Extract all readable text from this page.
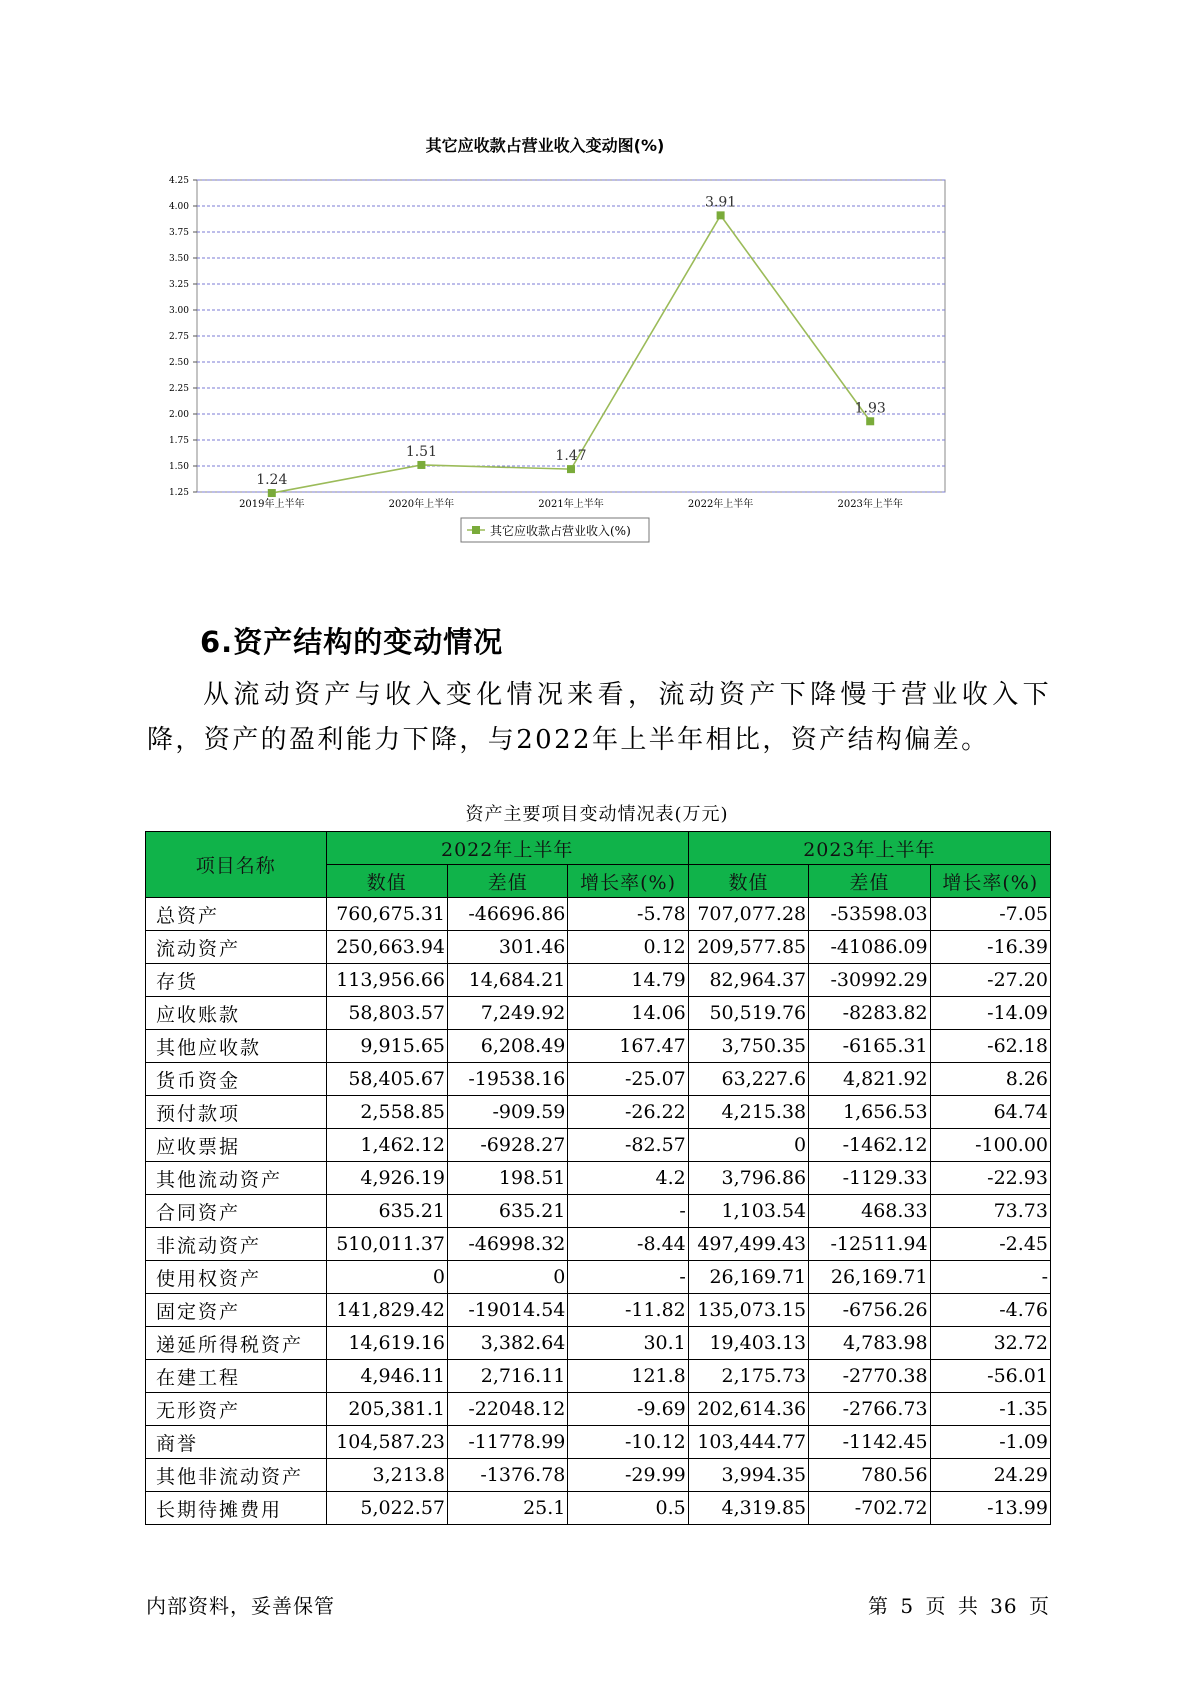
其它应收款占营业收入变动图(%)
1.25
1.50
1.75
2.00
2.25
2.50
2.75
3.00
3.25
3.50
3.75
4.00
4.25
2019年上半年	2020年上半年	2021年上半年	2022年上半年	2023年上半年
1.24
1.51	1.47
3.91
1.93
其它应收款占营业收入(%)
6.资产结构的变动情况

从流动资产与收入变化情况来看，流动资产下降慢于营业收入下降，资产的盈利能力下降，与2022年上半年相比，资产结构偏差。

资产主要项目变动情况表(万元)
项目名称	2022年上半年			2023年上半年		
	数值	差值	增长率(%)	数值	差值	增长率(%)
总资产	760,675.31	-46696.86	-5.78	707,077.28	-53598.03	-7.05
流动资产	250,663.94	301.46	0.12	209,577.85	-41086.09	-16.39
存货	113,956.66	14,684.21	14.79	82,964.37	-30992.29	-27.20
应收账款	58,803.57	7,249.92	14.06	50,519.76	-8283.82	-14.09
其他应收款	9,915.65	6,208.49	167.47	3,750.35	-6165.31	-62.18
货币资金	58,405.67	-19538.16	-25.07	63,227.6	4,821.92	8.26
预付款项	2,558.85	-909.59	-26.22	4,215.38	1,656.53	64.74
应收票据	1,462.12	-6928.27	-82.57	0	-1462.12	-100.00
其他流动资产	4,926.19	198.51	4.2	3,796.86	-1129.33	-22.93
合同资产	635.21	635.21	-	1,103.54	468.33	73.73
非流动资产	510,011.37	-46998.32	-8.44	497,499.43	-12511.94	-2.45
使用权资产	0	0	-	26,169.71	26,169.71	-
固定资产	141,829.42	-19014.54	-11.82	135,073.15	-6756.26	-4.76
递延所得税资产	14,619.16	3,382.64	30.1	19,403.13	4,783.98	32.72
在建工程	4,946.11	2,716.11	121.8	2,175.73	-2770.38	-56.01
无形资产	205,381.1	-22048.12	-9.69	202,614.36	-2766.73	-1.35
商誉	104,587.23	-11778.99	-10.12	103,444.77	-1142.45	-1.09
其他非流动资产	3,213.8	-1376.78	-29.99	3,994.35	780.56	24.29
长期待摊费用	5,022.57	25.1	0.5	4,319.85	-702.72	-13.99
内部资料，妥善保管	第 5 页 共 36 页
